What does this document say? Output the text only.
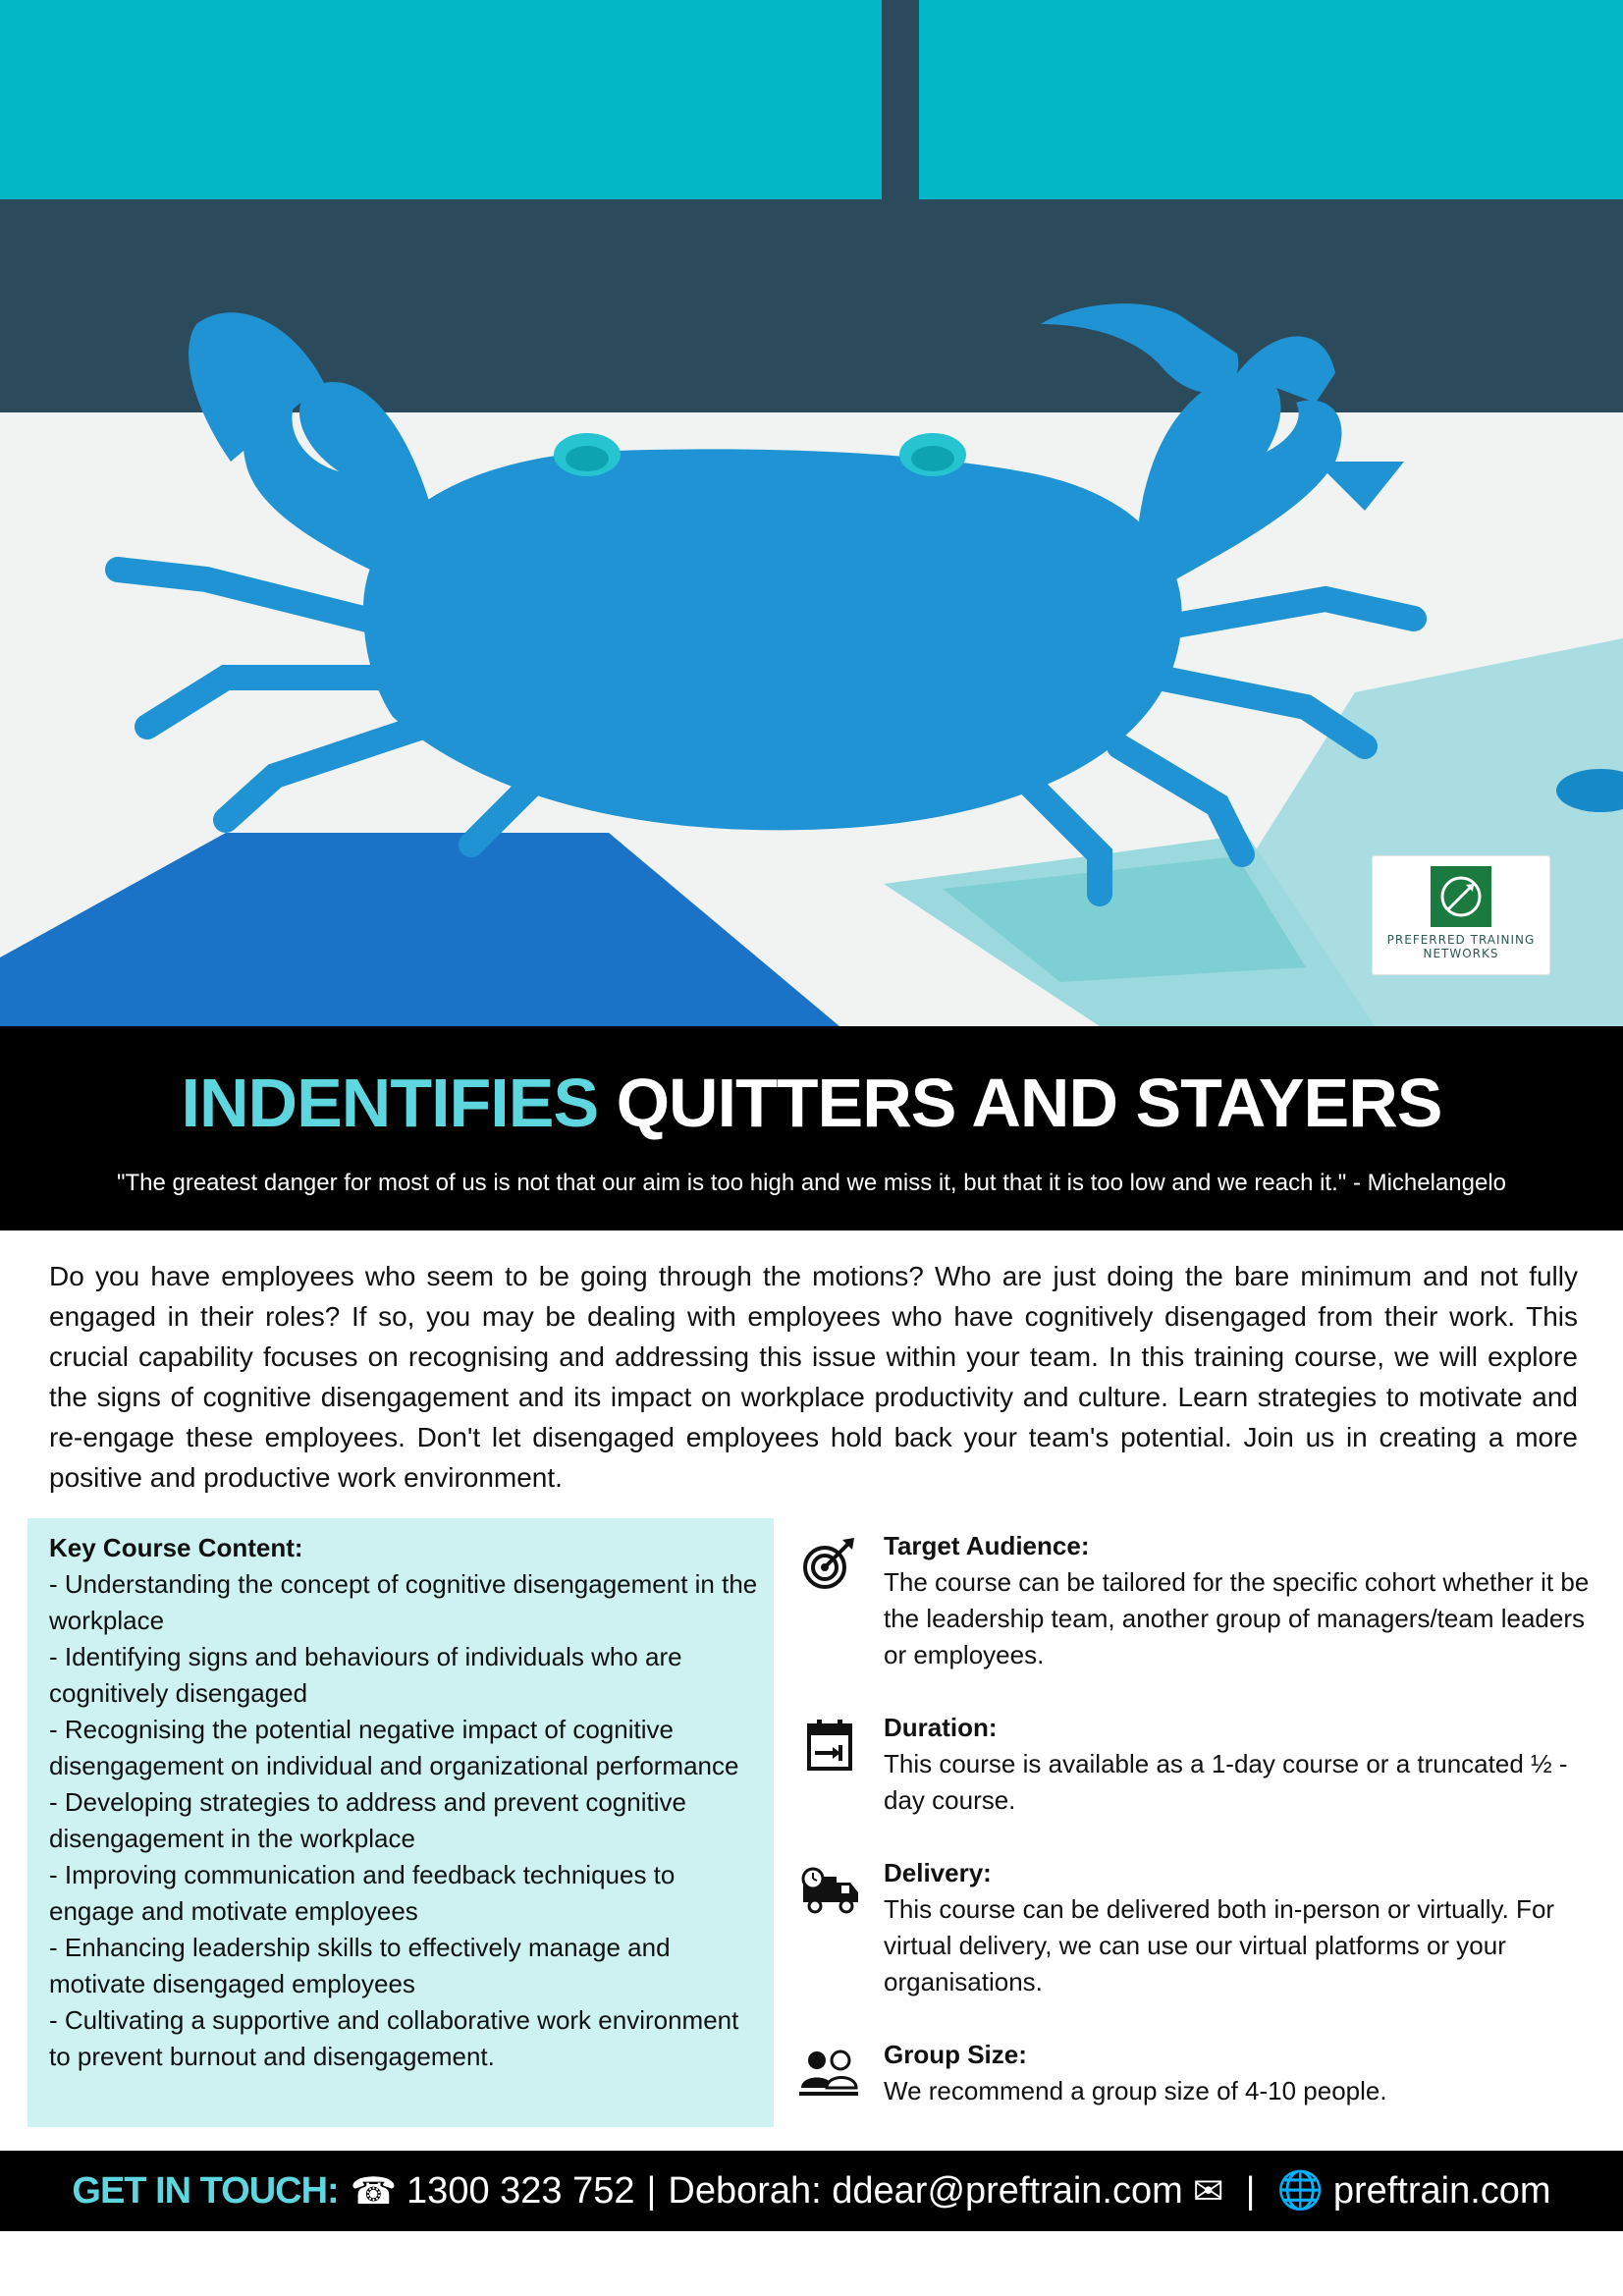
PREFERRED TRAINING
NETWORKS
INDENTIFIES QUITTERS AND STAYERS
"The greatest danger for most of us is not that our aim is too high and we miss it, but that it is too low and we reach it." - Michelangelo
Do you have employees who seem to be going through the motions? Who are just doing the bare minimum and not fully engaged in their roles? If so, you may be dealing with employees who have cognitively disengaged from their work. This crucial capability focuses on recognising and addressing this issue within your team. In this training course, we will explore the signs of cognitive disengagement and its impact on workplace productivity and culture. Learn strategies to motivate and re-engage these employees. Don't let disengaged employees hold back your team's potential. Join us in creating a more positive and productive work environment.
Key Course Content:
- Understanding the concept of cognitive disengagement in the workplace
- Identifying signs and behaviours of individuals who are cognitively disengaged
- Recognising the potential negative impact of cognitive disengagement on individual and organizational performance
- Developing strategies to address and prevent cognitive disengagement in the workplace
- Improving communication and feedback techniques to engage and motivate employees
- Enhancing leadership skills to effectively manage and motivate disengaged employees
- Cultivating a supportive and collaborative work environment to prevent burnout and disengagement.
Target Audience:
The course can be tailored for the specific cohort whether it be the leadership team, another group of managers/team leaders or employees.
Duration:
This course is available as a 1-day course or a truncated ½ -day course.
Delivery:
This course can be delivered both in-person or virtually. For virtual delivery, we can use our virtual platforms or your organisations.
Group Size:
We recommend a group size of 4-10 people.
GET IN TOUCH: ☎ 1300 323 752 | Deborah: ddear@preftrain.com ✉ | 🌐 preftrain.com
